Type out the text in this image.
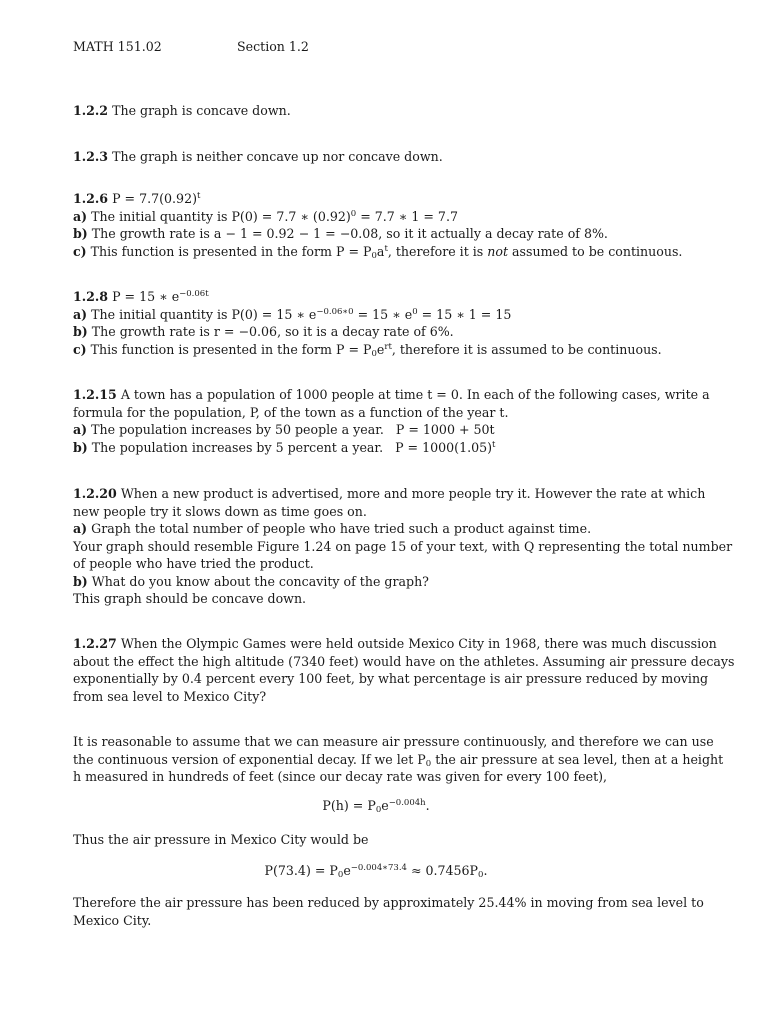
MATH 151.02	Section 1.2
1.2.2 The graph is concave down.
1.2.3 The graph is neither concave up nor concave down.
1.2.6 $P = 7.7(0.92)^t$
a) The initial quantity is P(0) = 7.7 ∗ $(0.92)^0 = 7.7$ ∗ 1 = 7.7
b) The growth rate is a − 1 = 0.92 − 1 = −0.08, so it it actually a decay rate of 8%.
c) This function is presented in the form $P = P_0a^t$, therefore it is not assumed to be continuous.
1.2.8 P = 15 ∗ $e^{-0.06t}$
a) The initial quantity is P(0) = 15 ∗ $e^{-0.06∗0} = 15$ ∗ $e^0 = 15$ ∗ 1 = 15
b) The growth rate is r = −0.06, so it is a decay rate of 6%.
c) This function is presented in the form $P = P_0e^{rt}$, therefore it is assumed to be continuous.
1.2.15 A town has a population of 1000 people at time t = 0. In each of the following cases, write a
formula for the population, P, of the town as a function of the year t.
a) The population increases by 50 people a year.   P = 1000 + 50t
b) The population increases by 5 percent a year.   $P = 1000(1.05)^t$
1.2.20 When a new product is advertised, more and more people try it. However the rate at which
new people try it slows down as time goes on.
a) Graph the total number of people who have tried such a product against time.
Your graph should resemble Figure 1.24 on page 15 of your text, with Q representing the total number
of people who have tried the product.
b) What do you know about the concavity of the graph?
This graph should be concave down.
1.2.27 When the Olympic Games were held outside Mexico City in 1968, there was much discussion
about the effect the high altitude (7340 feet) would have on the athletes. Assuming air pressure decays
exponentially by 0.4 percent every 100 feet, by what percentage is air pressure reduced by moving
from sea level to Mexico City?
It is reasonable to assume that we can measure air pressure continuously, and therefore we can use
the continuous version of exponential decay. If we let $P_0$ the air pressure at sea level, then at a height
h measured in hundreds of feet (since our decay rate was given for every 100 feet),
$P(h) = P_0e^{-0.004h}$.
Thus the air pressure in Mexico City would be
$P(73.4) = P_0e^{-0.004∗73.4} \approx 0.7456P_0$.
Therefore the air pressure has been reduced by approximately 25.44% in moving from sea level to
Mexico City.
